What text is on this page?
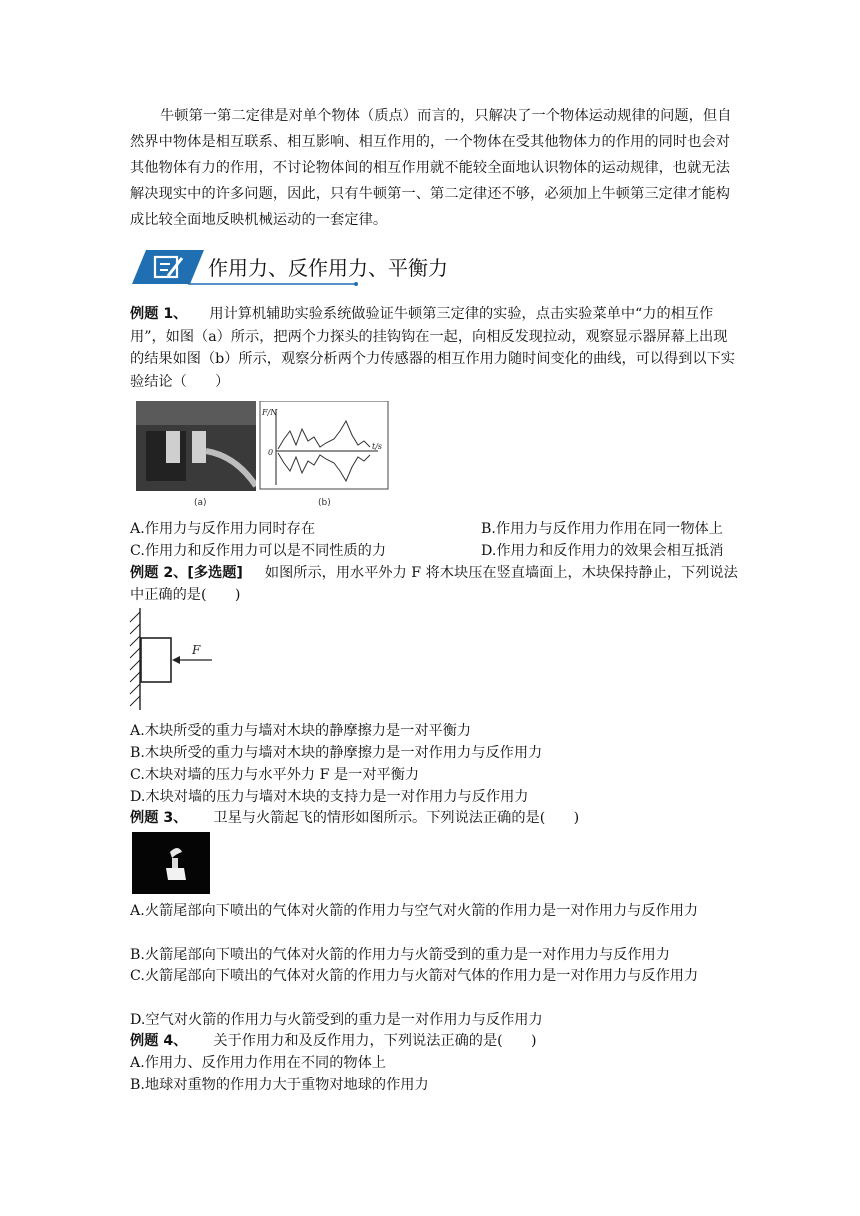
牛顿第一第二定律是对单个物体（质点）而言的，只解决了一个物体运动规律的问题，但自然界中物体是相互联系、相互影响、相互作用的，一个物体在受其他物体力的作用的同时也会对其他物体有力的作用，不讨论物体间的相互作用就不能较全面地认识物体的运动规律，也就无法解决现实中的许多问题，因此，只有牛顿第一、第二定律还不够，必须加上牛顿第三定律才能构成比较全面地反映机械运动的一套定律。

作用力、反作用力、平衡力
例题 1、 用计算机辅助实验系统做验证牛顿第三定律的实验，点击实验菜单中“力的相互作用”，如图（a）所示，把两个力探头的挂钩钩在一起，向相反发现拉动，观察显示器屏幕上出现的结果如图（b）所示，观察分析两个力传感器的相互作用力随时间变化的曲线，可以得到以下实验结论（　　）
(a)
F/N
t/s
0
(b)
A.作用力与反作用力同时存在	B.作用力与反作用力作用在同一物体上
C.作用力和反作用力可以是不同性质的力	D.作用力和反作用力的效果会相互抵消
例题 2、[多选题] 如图所示，用水平外力 F 将木块压在竖直墙面上，木块保持静止，下列说法中正确的是(　　)
F
A.木块所受的重力与墙对木块的静摩擦力是一对平衡力
B.木块所受的重力与墙对木块的静摩擦力是一对作用力与反作用力
C.木块对墙的压力与水平外力 F 是一对平衡力
D.木块对墙的压力与墙对木块的支持力是一对作用力与反作用力
例题 3、 卫星与火箭起飞的情形如图所示。下列说法正确的是(　　)
A.火箭尾部向下喷出的气体对火箭的作用力与空气对火箭的作用力是一对作用力与反作用力
B.火箭尾部向下喷出的气体对火箭的作用力与火箭受到的重力是一对作用力与反作用力
C.火箭尾部向下喷出的气体对火箭的作用力与火箭对气体的作用力是一对作用力与反作用力
D.空气对火箭的作用力与火箭受到的重力是一对作用力与反作用力
例题 4、 关于作用力和及反作用力，下列说法正确的是(　　)
A.作用力、反作用力作用在不同的物体上
B.地球对重物的作用力大于重物对地球的作用力
